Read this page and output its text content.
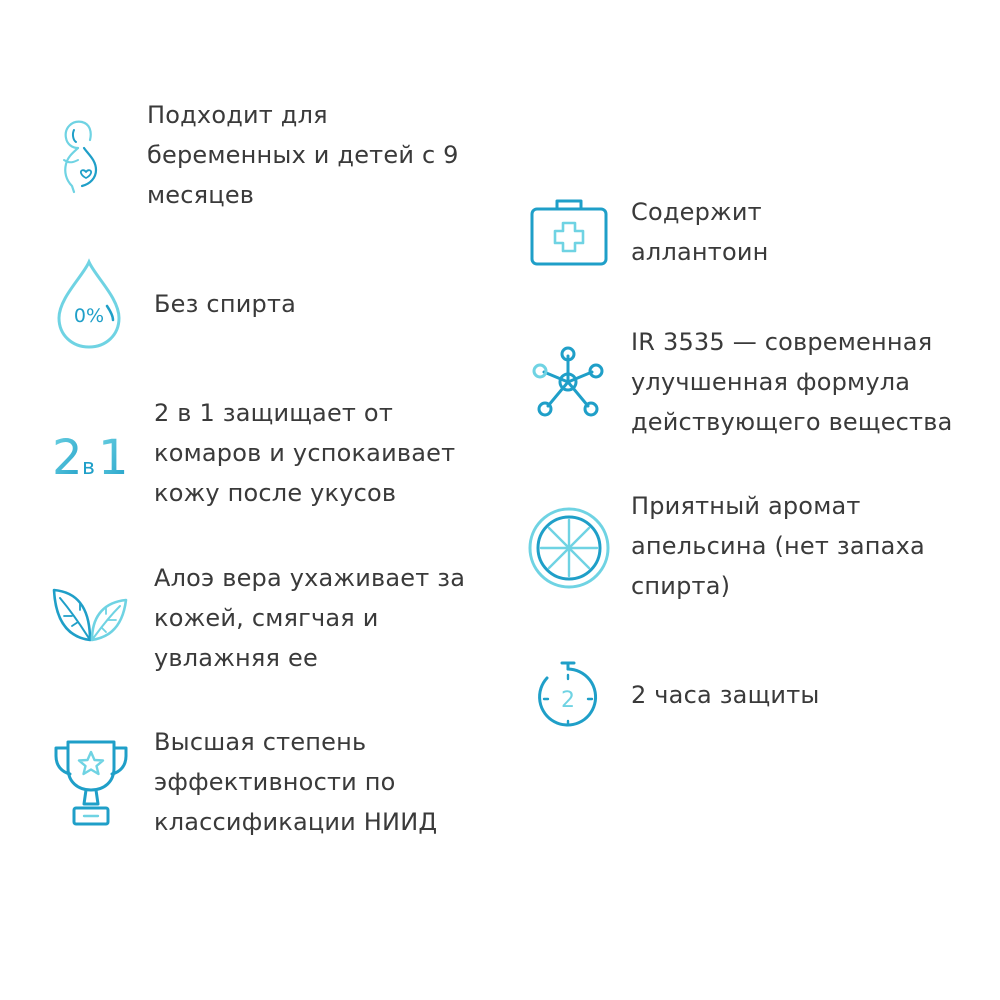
Подходит для
беременных и детей с 9
месяцев
0% Без спирта
2 в 1
2 в 1 защищает от
комаров и успокаивает
кожу после укусов
Алоэ вера ухаживает за
кожей, смягчая и
увлажняя ее
Высшая степень
эффективности по
классификации НИИД
Содержит
аллантоин
IR 3535 — современная
улучшенная формула
действующего вещества
Приятный аромат
апельсина (нет запаха
спирта)
2 2 часа защиты
